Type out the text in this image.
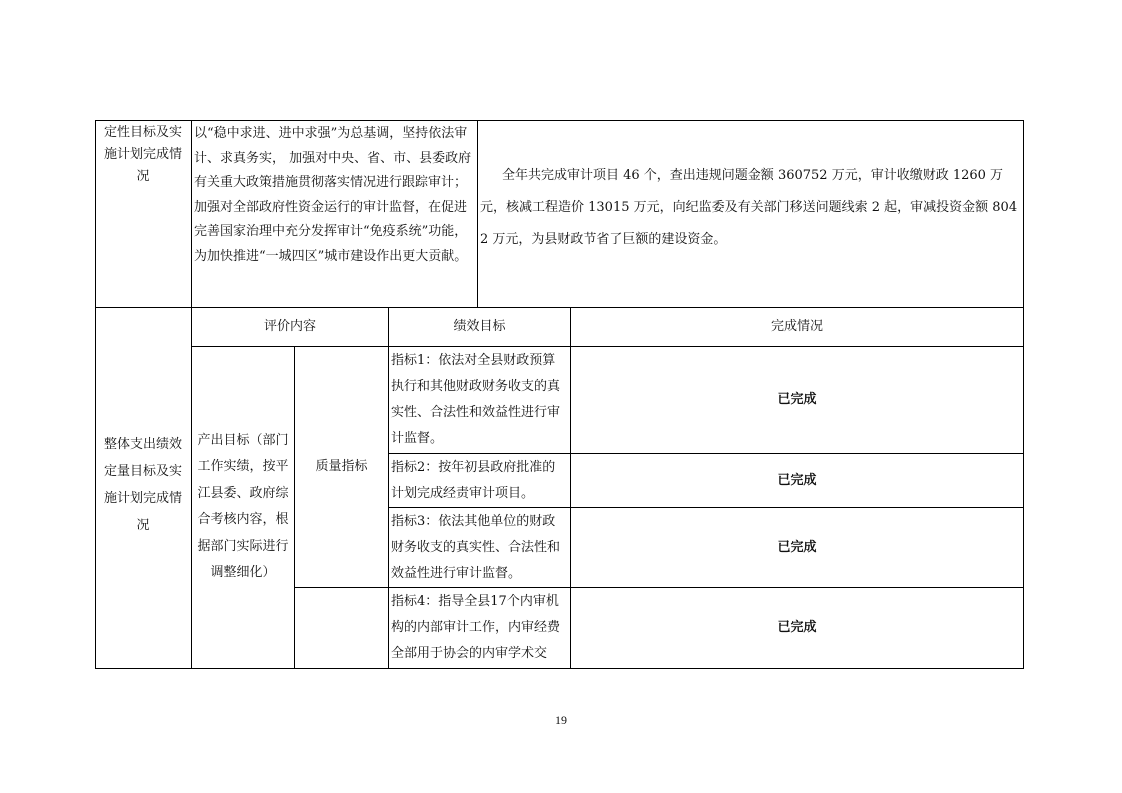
定性目标及实施计划完成情况
以“稳中求进、进中求强”为总基调，坚持依法审计、求真务实， 加强对中央、省、市、县委政府有关重大政策措施贯彻落实情况进行跟踪审计；加强对全部政府性资金运行的审计监督，在促进完善国家治理中充分发挥审计“免疫系统”功能，为加快推进“一城四区”城市建设作出更大贡献。
全年共完成审计项目 46 个，查出违规问题金额 360752 万元，审计收缴财政 1260 万元，核减工程造价 13015 万元，向纪监委及有关部门移送问题线索 2 起，审减投资金额 8042 万元，为县财政节省了巨额的建设资金。
整体支出绩效定量目标及实施计划完成情况
评价内容	绩效目标	完成情况
产出目标（部门工作实绩，按平江县委、政府综合考核内容，根据部门实际进行调整细化）
质量指标
指标1：依法对全县财政预算执行和其他财政财务收支的真实性、合法性和效益性进行审计监督。
已完成
指标2：按年初县政府批准的计划完成经责审计项目。
已完成
指标3：依法其他单位的财政财务收支的真实性、合法性和效益性进行审计监督。
已完成
指标4：指导全县17个内审机构的内部审计工作，内审经费全部用于协会的内审学术交
已完成
19
